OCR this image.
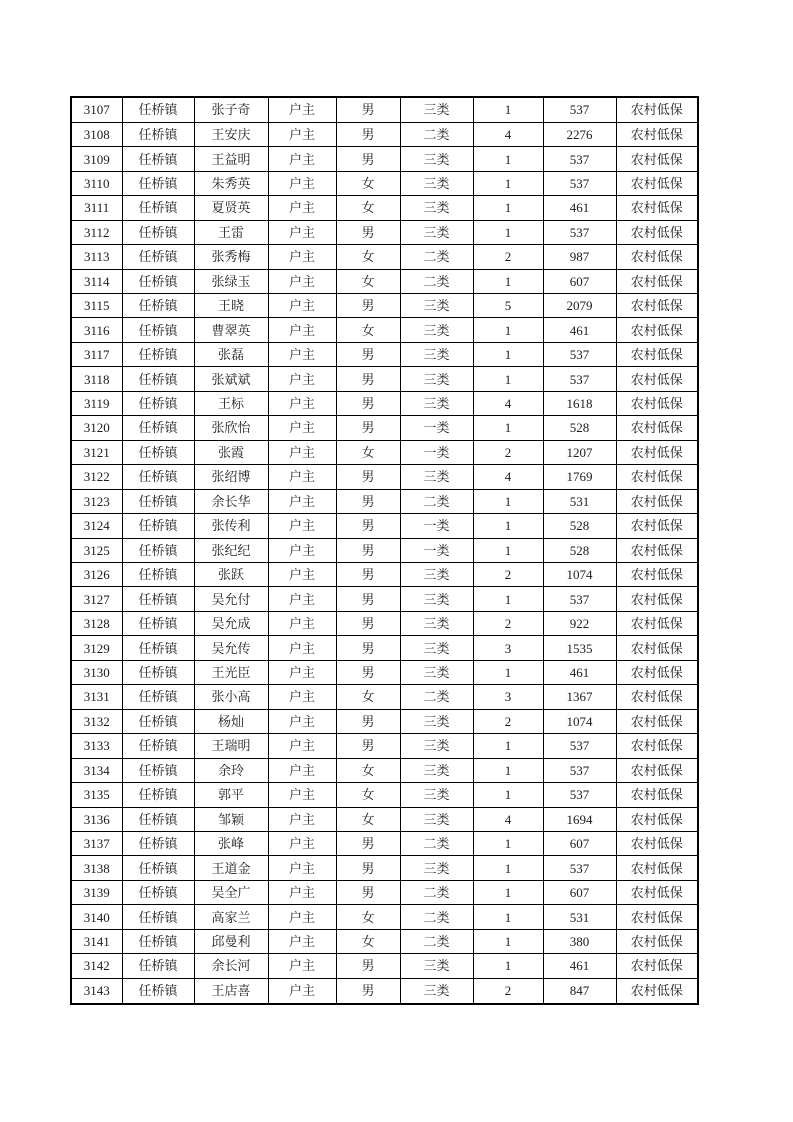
3107	任桥镇	张子奇	户主	男	三类	1	537	农村低保
3108	任桥镇	王安庆	户主	男	二类	4	2276	农村低保
3109	任桥镇	王益明	户主	男	三类	1	537	农村低保
3110	任桥镇	朱秀英	户主	女	三类	1	537	农村低保
3111	任桥镇	夏贤英	户主	女	三类	1	461	农村低保
3112	任桥镇	王雷	户主	男	三类	1	537	农村低保
3113	任桥镇	张秀梅	户主	女	二类	2	987	农村低保
3114	任桥镇	张绿玉	户主	女	二类	1	607	农村低保
3115	任桥镇	王晓	户主	男	三类	5	2079	农村低保
3116	任桥镇	曹翠英	户主	女	三类	1	461	农村低保
3117	任桥镇	张磊	户主	男	三类	1	537	农村低保
3118	任桥镇	张斌斌	户主	男	三类	1	537	农村低保
3119	任桥镇	王标	户主	男	三类	4	1618	农村低保
3120	任桥镇	张欣怡	户主	男	一类	1	528	农村低保
3121	任桥镇	张霞	户主	女	一类	2	1207	农村低保
3122	任桥镇	张绍博	户主	男	三类	4	1769	农村低保
3123	任桥镇	余长华	户主	男	二类	1	531	农村低保
3124	任桥镇	张传利	户主	男	一类	1	528	农村低保
3125	任桥镇	张纪纪	户主	男	一类	1	528	农村低保
3126	任桥镇	张跃	户主	男	三类	2	1074	农村低保
3127	任桥镇	吴允付	户主	男	三类	1	537	农村低保
3128	任桥镇	吴允成	户主	男	三类	2	922	农村低保
3129	任桥镇	吴允传	户主	男	三类	3	1535	农村低保
3130	任桥镇	王光臣	户主	男	三类	1	461	农村低保
3131	任桥镇	张小高	户主	女	二类	3	1367	农村低保
3132	任桥镇	杨灿	户主	男	三类	2	1074	农村低保
3133	任桥镇	王瑞明	户主	男	三类	1	537	农村低保
3134	任桥镇	余玲	户主	女	三类	1	537	农村低保
3135	任桥镇	郭平	户主	女	三类	1	537	农村低保
3136	任桥镇	邹颖	户主	女	三类	4	1694	农村低保
3137	任桥镇	张峰	户主	男	二类	1	607	农村低保
3138	任桥镇	王道金	户主	男	三类	1	537	农村低保
3139	任桥镇	吴全广	户主	男	二类	1	607	农村低保
3140	任桥镇	高家兰	户主	女	二类	1	531	农村低保
3141	任桥镇	邱曼利	户主	女	二类	1	380	农村低保
3142	任桥镇	余长河	户主	男	三类	1	461	农村低保
3143	任桥镇	王店喜	户主	男	三类	2	847	农村低保
